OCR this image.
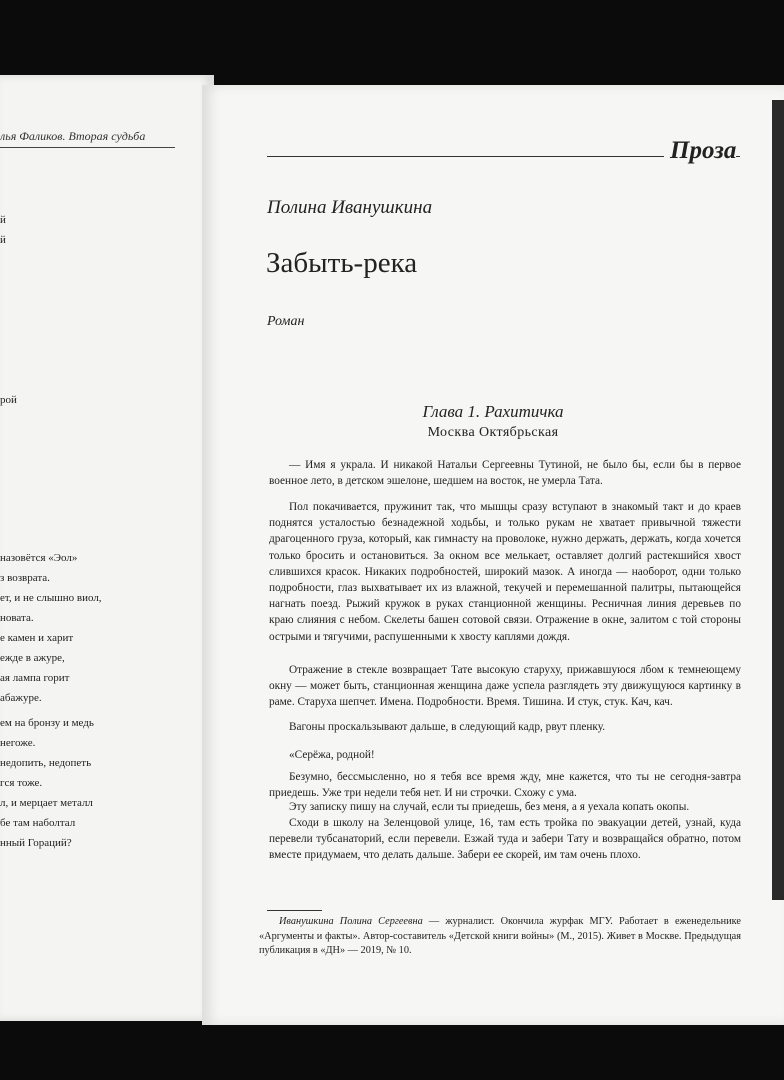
лья Фаликов. Вторая судьба
й
й
рой
назовётся «Эол»
з возврата.
ет, и не слышно виол,
новата.
е камен и харит
ежде в ажуре,
ая лампа горит
абажуре.
ем на бронзу и медь
негоже.
недопить, недопеть
гся тоже.
л, и мерцает металл
бе там наболтал
нный Гораций?
Проза
Полина Иванушкина
Забыть-река
Роман
Глава 1. Рахитичка
Москва Октябрьская

— Имя я украла. И никакой Натальи Сергеевны Тутиной, не было бы, если бы в первое военное лето, в детском эшелоне, шедшем на восток, не умерла Тата.

Пол покачивается, пружинит так, что мышцы сразу вступают в знакомый такт и до краев поднятся усталостью безнадежной ходьбы, и только рукам не хватает привычной тяжести драгоценного груза, который, как гимнасту на проволоке, нужно держать, держать, когда хочется только бросить и остановиться. За окном все мелькает, оставляет долгий растекшийся хвост слившихся красок. Никаких подробностей, широкий мазок. А иногда — наоборот, одни только подробности, глаз выхватывает их из влажной, текучей и перемешанной палитры, пытающейся нагнать поезд. Рыжий кружок в руках станционной женщины. Ресничная линия деревьев по краю слияния с небом. Скелеты башен сотовой связи. Отражение в окне, залитом с той стороны острыми и тягучими, распушенными к хвосту каплями дождя.

Отражение в стекле возвращает Тате высокую старуху, прижавшуюся лбом к темнеющему окну — может быть, станционная женщина даже успела разглядеть эту движущуюся картинку в раме. Старуха шепчет. Имена. Подробности. Время. Тишина. И стук, стук. Кач, кач.

Вагоны проскальзывают дальше, в следующий кадр, рвут пленку.

«Серёжа, родной!

Безумно, бессмысленно, но я тебя все время жду, мне кажется, что ты не сегодня-завтра приедешь. Уже три недели тебя нет. И ни строчки. Схожу с ума.

Эту записку пишу на случай, если ты приедешь, без меня, а я уехала копать окопы.

Сходи в школу на Зеленцовой улице, 16, там есть тройка по эвакуации детей, узнай, куда перевели тубсанаторий, если перевели. Езжай туда и забери Тату и возвращайся обратно, потом вместе придумаем, что делать дальше. Забери ее скорей, им там очень плохо.

Иванушкина Полина Сергеевна — журналист. Окончила журфак МГУ. Работает в еженедельнике «Аргументы и факты». Автор-составитель «Детской книги войны» (М., 2015). Живет в Москве. Предыдущая публикация в «ДН» — 2019, № 10.
